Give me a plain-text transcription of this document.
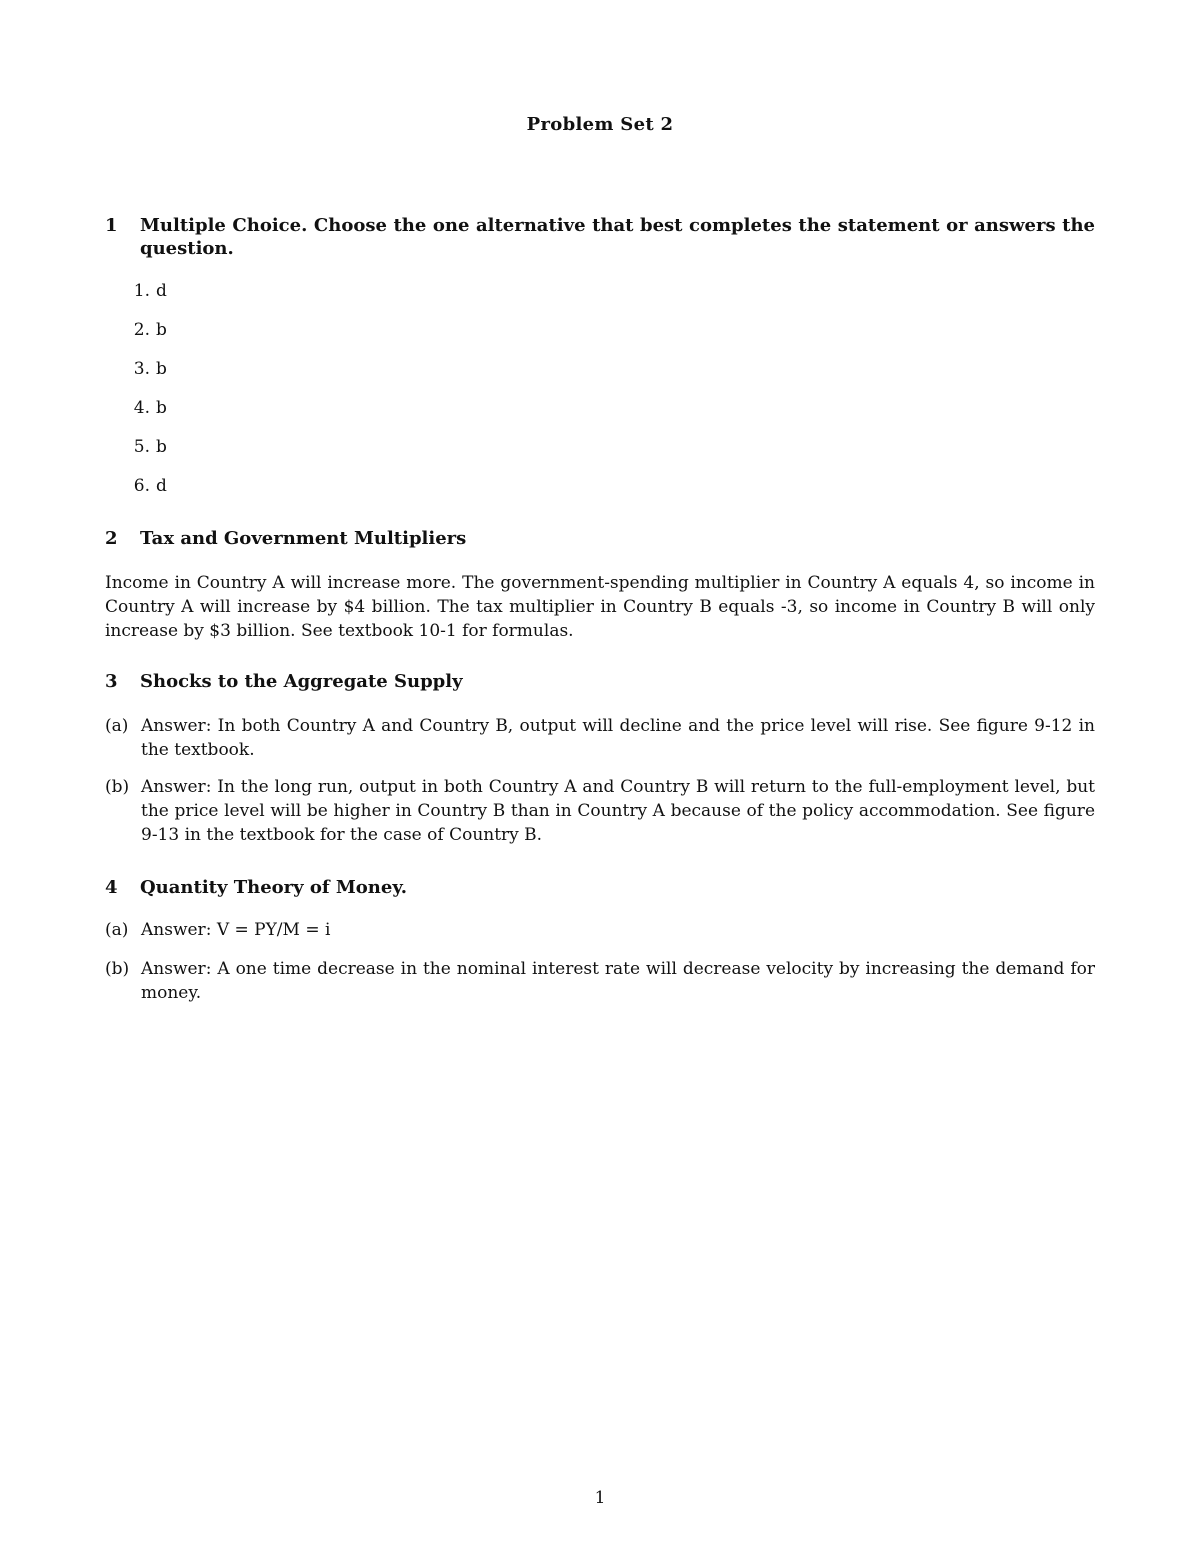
Problem Set 2
1	Multiple Choice. Choose the one alternative that best completes the statement or answers the question.
1. d
2. b
3. b
4. b
5. b
6. d
2	Tax and Government Multipliers
Income in Country A will increase more. The government-spending multiplier in Country A equals 4, so income in Country A will increase by $4 billion. The tax multiplier in Country B equals -3, so income in Country B will only increase by $3 billion. See textbook 10-1 for formulas.
3	Shocks to the Aggregate Supply
(a) Answer: In both Country A and Country B, output will decline and the price level will rise. See figure 9-12 in the textbook.
(b) Answer: In the long run, output in both Country A and Country B will return to the full-employment level, but the price level will be higher in Country B than in Country A because of the policy accommodation. See figure 9-13 in the textbook for the case of Country B.
4	Quantity Theory of Money.
(a) Answer: V = PY/M = i
(b) Answer: A one time decrease in the nominal interest rate will decrease velocity by increasing the demand for money.
1
